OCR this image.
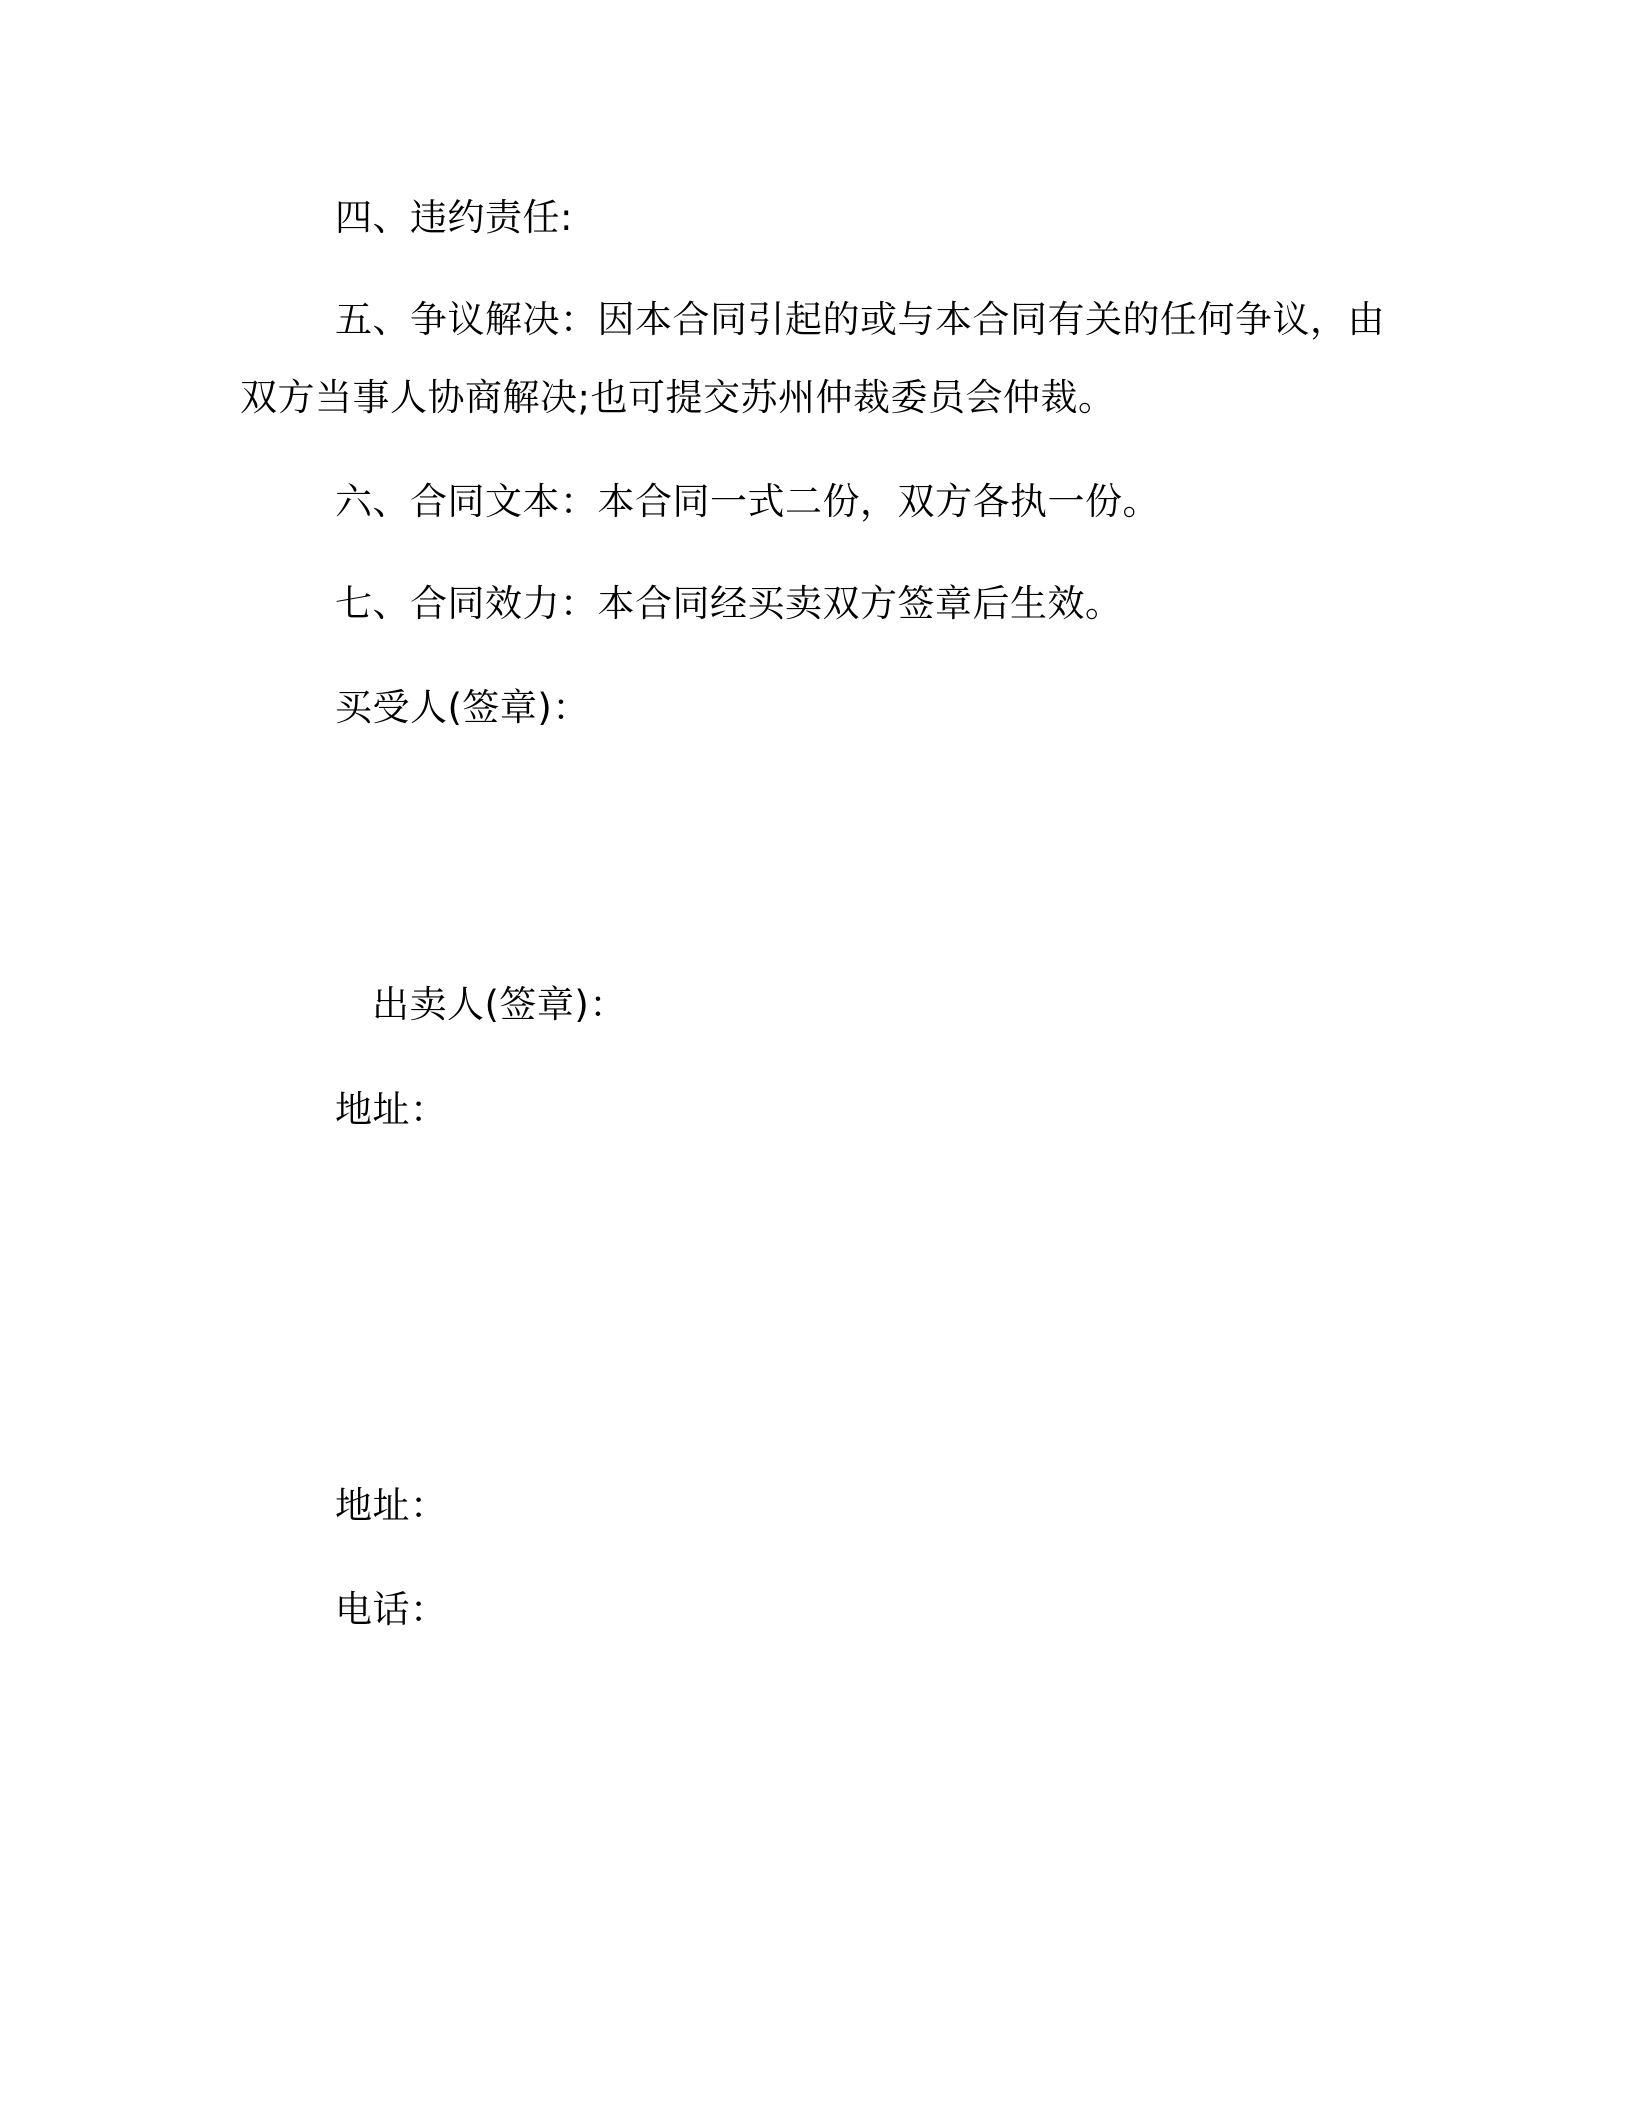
四、违约责任:
五、争议解决：因本合同引起的或与本合同有关的任何争议，由
双方当事人协商解决;也可提交苏州仲裁委员会仲裁。
六、合同文本：本合同一式二份，双方各执一份。
七、合同效力：本合同经买卖双方签章后生效。
买受人(签章)：
出卖人(签章)：
地址：
地址：
电话：
